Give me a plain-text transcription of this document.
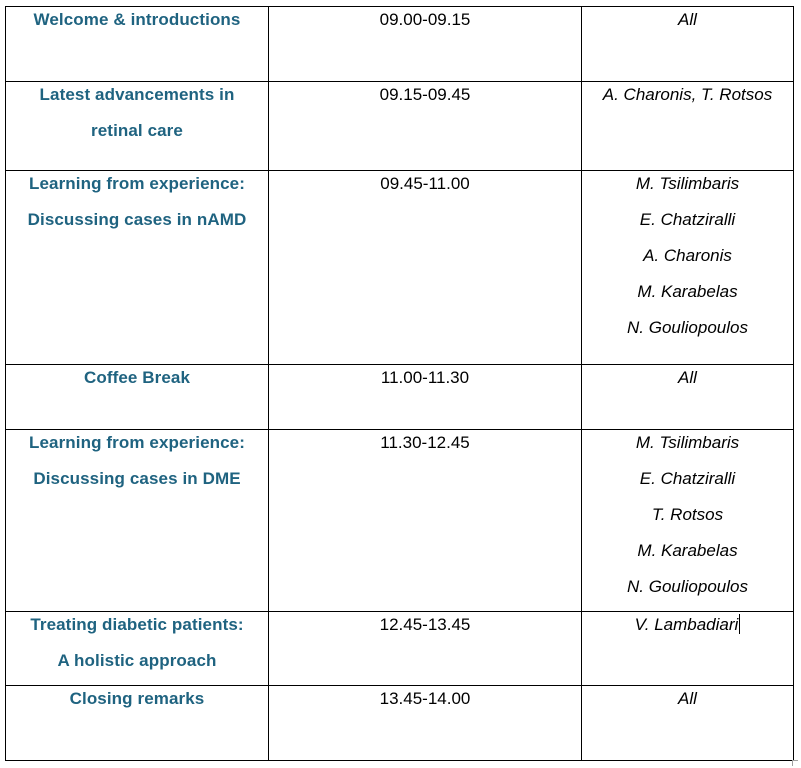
Welcome & introductions	09.00-09.15	All

Latest advancements in
retinal care	09.15-09.45	A. Charonis, T. Rotsos

Learning from experience:
Discussing cases in nAMD	09.45-11.00	M. Tsilimbaris
E. Chatziralli
A. Charonis
M. Karabelas
N. Gouliopoulos

Coffee Break	11.00-11.30	All

Learning from experience:
Discussing cases in DME	11.30-12.45	M. Tsilimbaris
E. Chatziralli
T. Rotsos
M. Karabelas
N. Gouliopoulos

Treating diabetic patients:
A holistic approach	12.45-13.45	V. Lambadiari

Closing remarks	13.45-14.00	All
